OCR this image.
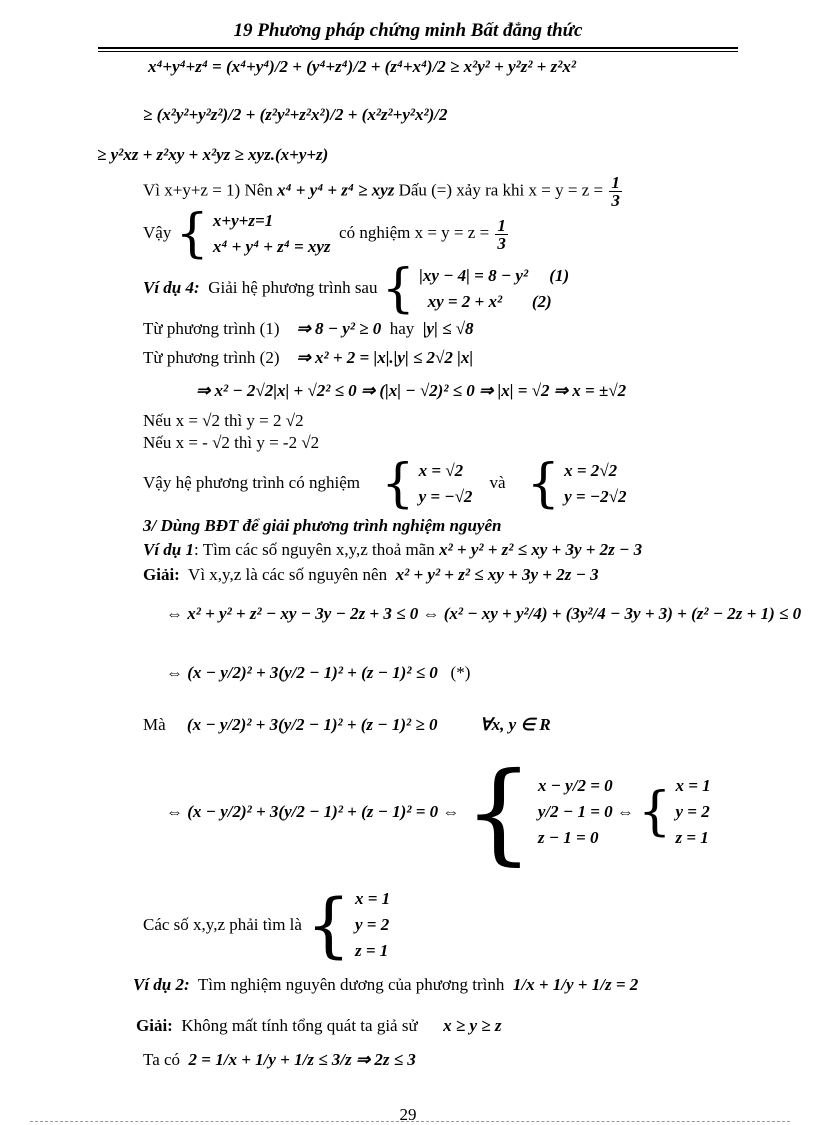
19 Phương pháp chứng minh Bất đẳng thức
x⁴+y⁴+z⁴ = (x⁴+y⁴)/2 + (y⁴+z⁴)/2 + (z⁴+x⁴)/2 ≥ x²y² + y²z² + z²x²
≥ (x²y²+y²z²)/2 + (z²y²+z²x²)/2 + (x²z²+y²x²)/2
≥ y²xz + z²xy + x²yz ≥ xyz.(x+y+z)
Vì x+y+z = 1) Nên x⁴ + y⁴ + z⁴ ≥ xyz Dấu (=) xảy ra khi $x = y = z = \frac{1}{3}$
Vậy { x+y+z=1
x⁴ + y⁴ + z⁴ = xyz
có nghiệm $x = y = z = \frac{1}{3}$
Ví dụ 4: Giải hệ phương trình sau { |xy − 4| = 8 − y² (1)
xy = 2 + x² (2)
Từ phương trình (1) ⇒ 8 − y² ≥ 0 hay |y| ≤ √8
Từ phương trình (2) ⇒ x² + 2 = |x|.|y| ≤ 2√2 |x|
⇒ x² − 2√2|x| + √2² ≤ 0 ⇒ (|x| − √2)² ≤ 0 ⇒ |x| = √2 ⇒ x = ±√2
Nếu x = √2 thì y = 2 √2
Nếu x = - √2 thì y = -2 √2
Vậy hệ phương trình có nghiệm { x = √2
y = −√2
và { x = 2√2
y = −2√2
3/ Dùng BĐT để giải phương trình nghiệm nguyên
Ví dụ 1: Tìm các số nguyên x,y,z thoả mãn x² + y² + z² ≤ xy + 3y + 2z − 3
Giải: Vì x,y,z là các số nguyên nên x² + y² + z² ≤ xy + 3y + 2z − 3
⇔ x² + y² + z² − xy − 3y − 2z + 3 ≤ 0 ⇔ (x² − xy + y²/4) + (3y²/4 − 3y + 3) + (z² − 2z + 1) ≤ 0
⇔ (x − y/2)² + 3(y/2 − 1)² + (z − 1)² ≤ 0 (*)
Mà (x − y/2)² + 3(y/2 − 1)² + (z − 1)² ≥ 0	∀x, y ∈ R
⇔ (x − y/2)² + 3(y/2 − 1)² + (z − 1)² = 0 ⇔ { x − y/2 = 0
y/2 − 1 = 0
z − 1 = 0
⇔ { x = 1
y = 2
z = 1
Các số x,y,z phải tìm là { x = 1
y = 2
z = 1
Ví dụ 2: Tìm nghiệm nguyên dương của phương trình 1/x + 1/y + 1/z = 2
Giải: Không mất tính tổng quát ta giả sử x ≥ y ≥ z
Ta có 2 = 1/x + 1/y + 1/z ≤ 3/z ⇒ 2z ≤ 3
29
